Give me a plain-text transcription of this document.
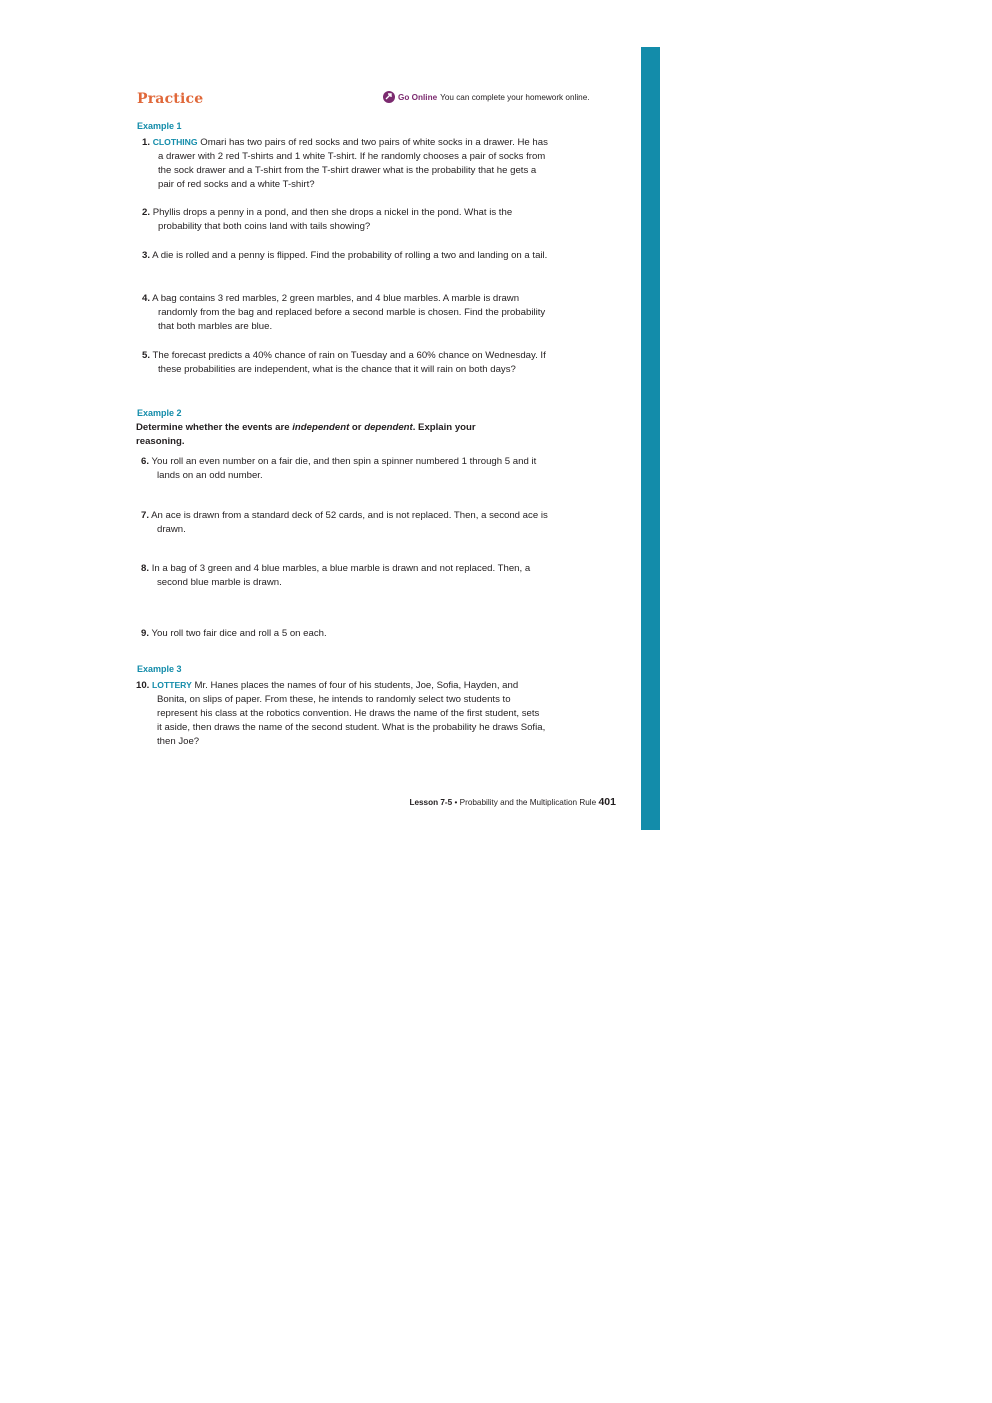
Practice	Go Online You can complete your homework online.
Example 1
1. CLOTHING Omari has two pairs of red socks and two pairs of white socks in a drawer. He has a drawer with 2 red T-shirts and 1 white T-shirt. If he randomly chooses a pair of socks from the sock drawer and a T-shirt from the T-shirt drawer what is the probability that he gets a pair of red socks and a white T-shirt?
2. Phyllis drops a penny in a pond, and then she drops a nickel in the pond. What is the probability that both coins land with tails showing?
3. A die is rolled and a penny is flipped. Find the probability of rolling a two and landing on a tail.
4. A bag contains 3 red marbles, 2 green marbles, and 4 blue marbles. A marble is drawn randomly from the bag and replaced before a second marble is chosen. Find the probability that both marbles are blue.
5. The forecast predicts a 40% chance of rain on Tuesday and a 60% chance on Wednesday. If these probabilities are independent, what is the chance that it will rain on both days?
Example 2
Determine whether the events are independent or dependent. Explain your reasoning.
6. You roll an even number on a fair die, and then spin a spinner numbered 1 through 5 and it lands on an odd number.
7. An ace is drawn from a standard deck of 52 cards, and is not replaced. Then, a second ace is drawn.
8. In a bag of 3 green and 4 blue marbles, a blue marble is drawn and not replaced. Then, a second blue marble is drawn.
9. You roll two fair dice and roll a 5 on each.
Example 3
10. LOTTERY Mr. Hanes places the names of four of his students, Joe, Sofia, Hayden, and Bonita, on slips of paper. From these, he intends to randomly select two students to represent his class at the robotics convention. He draws the name of the first student, sets it aside, then draws the name of the second student. What is the probability he draws Sofia, then Joe?
Lesson 7-5 • Probability and the Multiplication Rule 401
